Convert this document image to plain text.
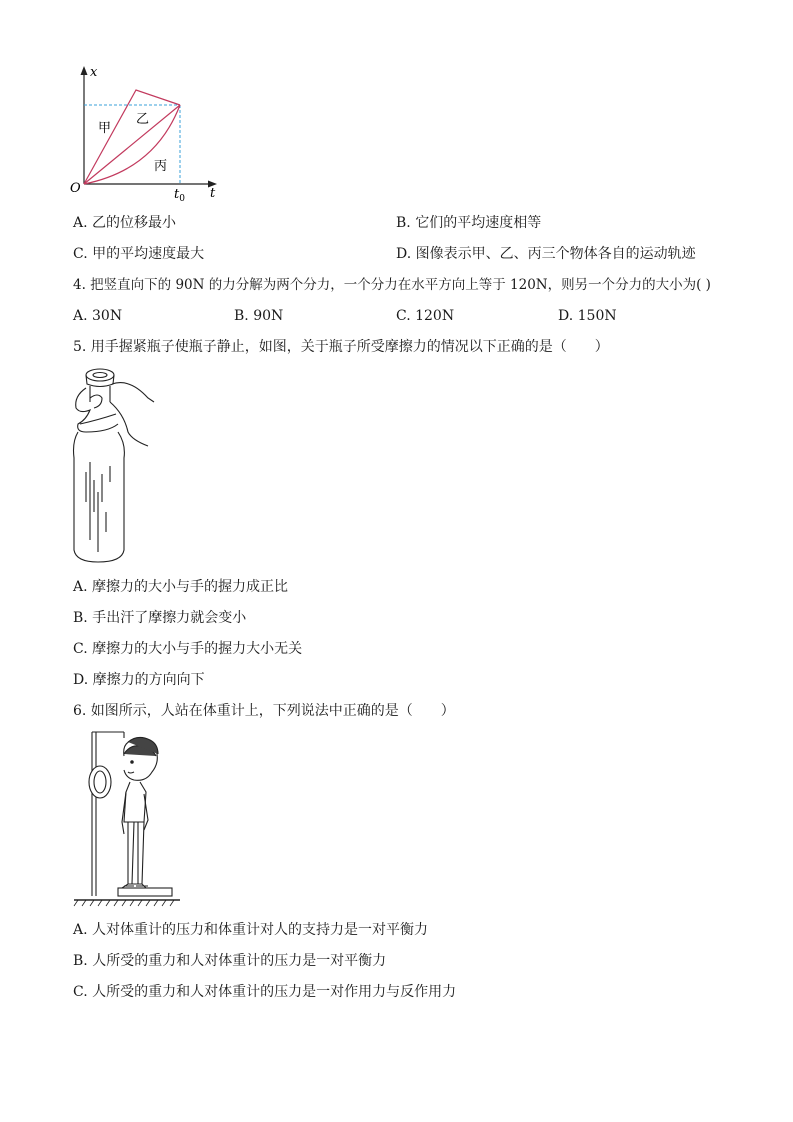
x
t
O	$t_0$
甲
乙
丙
A. 乙的位移最小	B. 它们的平均速度相等
C. 甲的平均速度最大	D. 图像表示甲、乙、丙三个物体各自的运动轨迹
4. 把竖直向下的 90N 的力分解为两个分力，一个分力在水平方向上等于 120N，则另一个分力的大小为( )
A. 30N	B. 90N	C. 120N	D. 150N
5. 用手握紧瓶子使瓶子静止，如图，关于瓶子所受摩擦力的情况以下正确的是（　　）
A. 摩擦力的大小与手的握力成正比
B. 手出汗了摩擦力就会变小
C. 摩擦力的大小与手的握力大小无关
D. 摩擦力的方向向下
6. 如图所示，人站在体重计上，下列说法中正确的是（　　）
A. 人对体重计的压力和体重计对人的支持力是一对平衡力
B. 人所受的重力和人对体重计的压力是一对平衡力
C. 人所受的重力和人对体重计的压力是一对作用力与反作用力
